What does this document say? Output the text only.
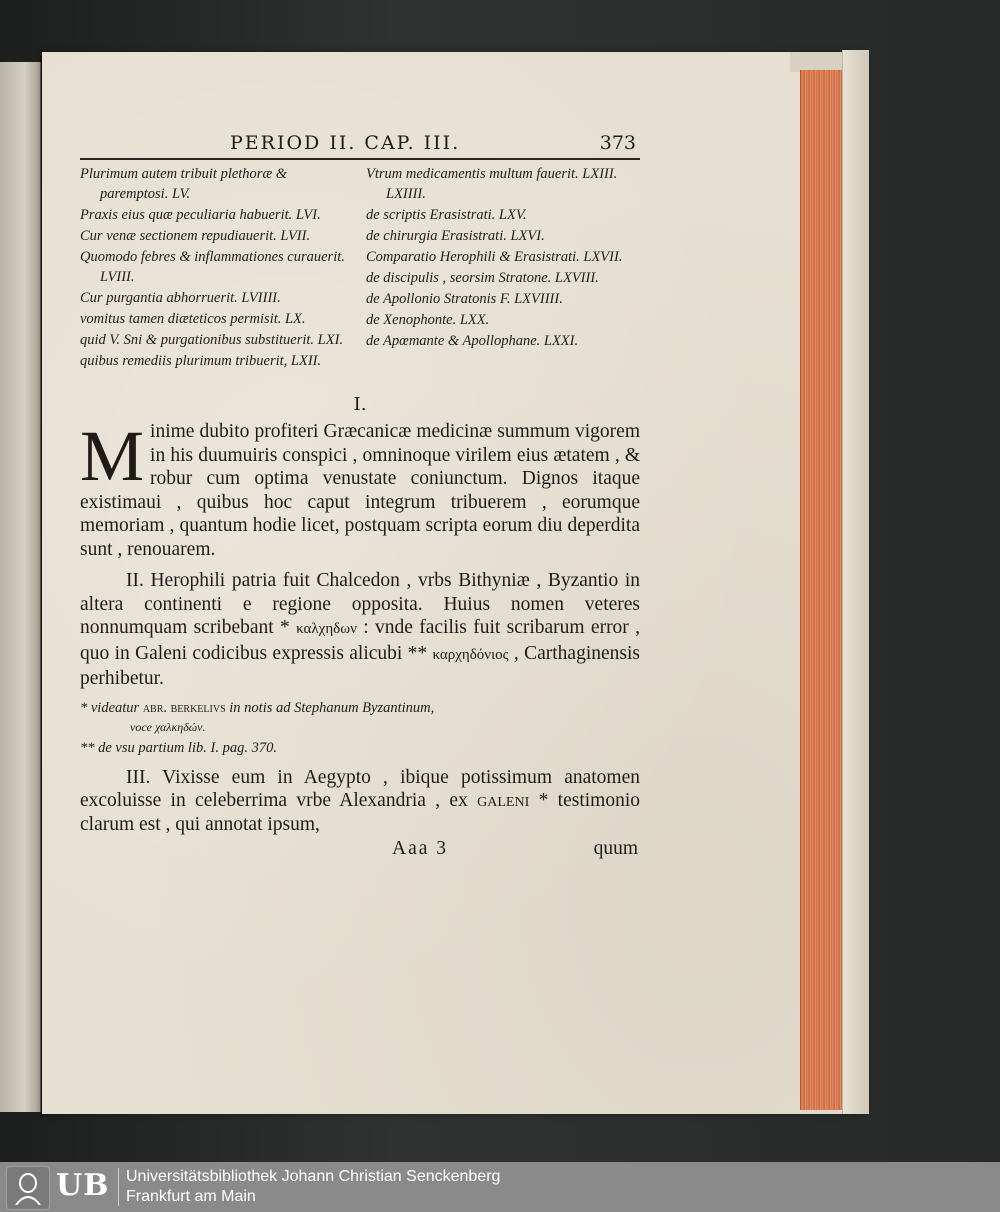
PERIOD II. CAP. III.	373

Plurimum autem tribuit plethoræ & paremptosi. LV.

Praxis eius quæ peculiaria habuerit. LVI.

Cur venæ sectionem repudiauerit. LVII.

Quomodo febres & inflammationes curauerit. LVIII.

Cur purgantia abhorruerit. LVIIII.

vomitus tamen diæteticos permisit. LX.

quid V. Sni & purgationibus substituerit. LXI.

quibus remediis plurimum tribuerit, LXII.

Vtrum medicamentis multum fauerit. LXIII. LXIIII.

de scriptis Erasistrati. LXV.

de chirurgia Erasistrati. LXVI.

Comparatio Herophili & Erasistrati. LXVII.

de discipulis , seorsim Stratone. LXVIII.

de Apollonio Stratonis F. LXVIIII.

de Xenophonte. LXX.

de Apœmante & Apollophane. LXXI.

I.

Minime dubito profiteri Græcanicæ medicinæ summum vigorem in his duumuiris conspici , omninoque virilem eius ætatem , & robur cum optima venustate coniunctum. Dignos itaque existimaui , quibus hoc caput integrum tribuerem , eorumque memoriam , quantum hodie licet, postquam scripta eorum diu deperdita sunt , renouarem.

II. Herophili patria fuit Chalcedon , vrbs Bithyniæ , Byzantio in altera continenti e regione opposita. Huius nomen veteres nonnumquam scribebant * καλχηδων : vnde facilis fuit scribarum error , quo in Galeni codicibus expressis alicubi ** καρχηδόνιος , Carthaginensis perhibetur.

* videatur abr. berkelivs in notis ad Stephanum Byzantinum,
voce χαλκηδών.
** de vsu partium lib. I. pag. 370.

III. Vixisse eum in Aegypto , ibique potissimum anatomen excoluisse in celeberrima vrbe Alexandria , ex galeni * testimonio clarum est , qui annotat ipsum,

Aaa 3	quum
UB Universitätsbibliothek Johann Christian Senckenberg
Frankfurt am Main
